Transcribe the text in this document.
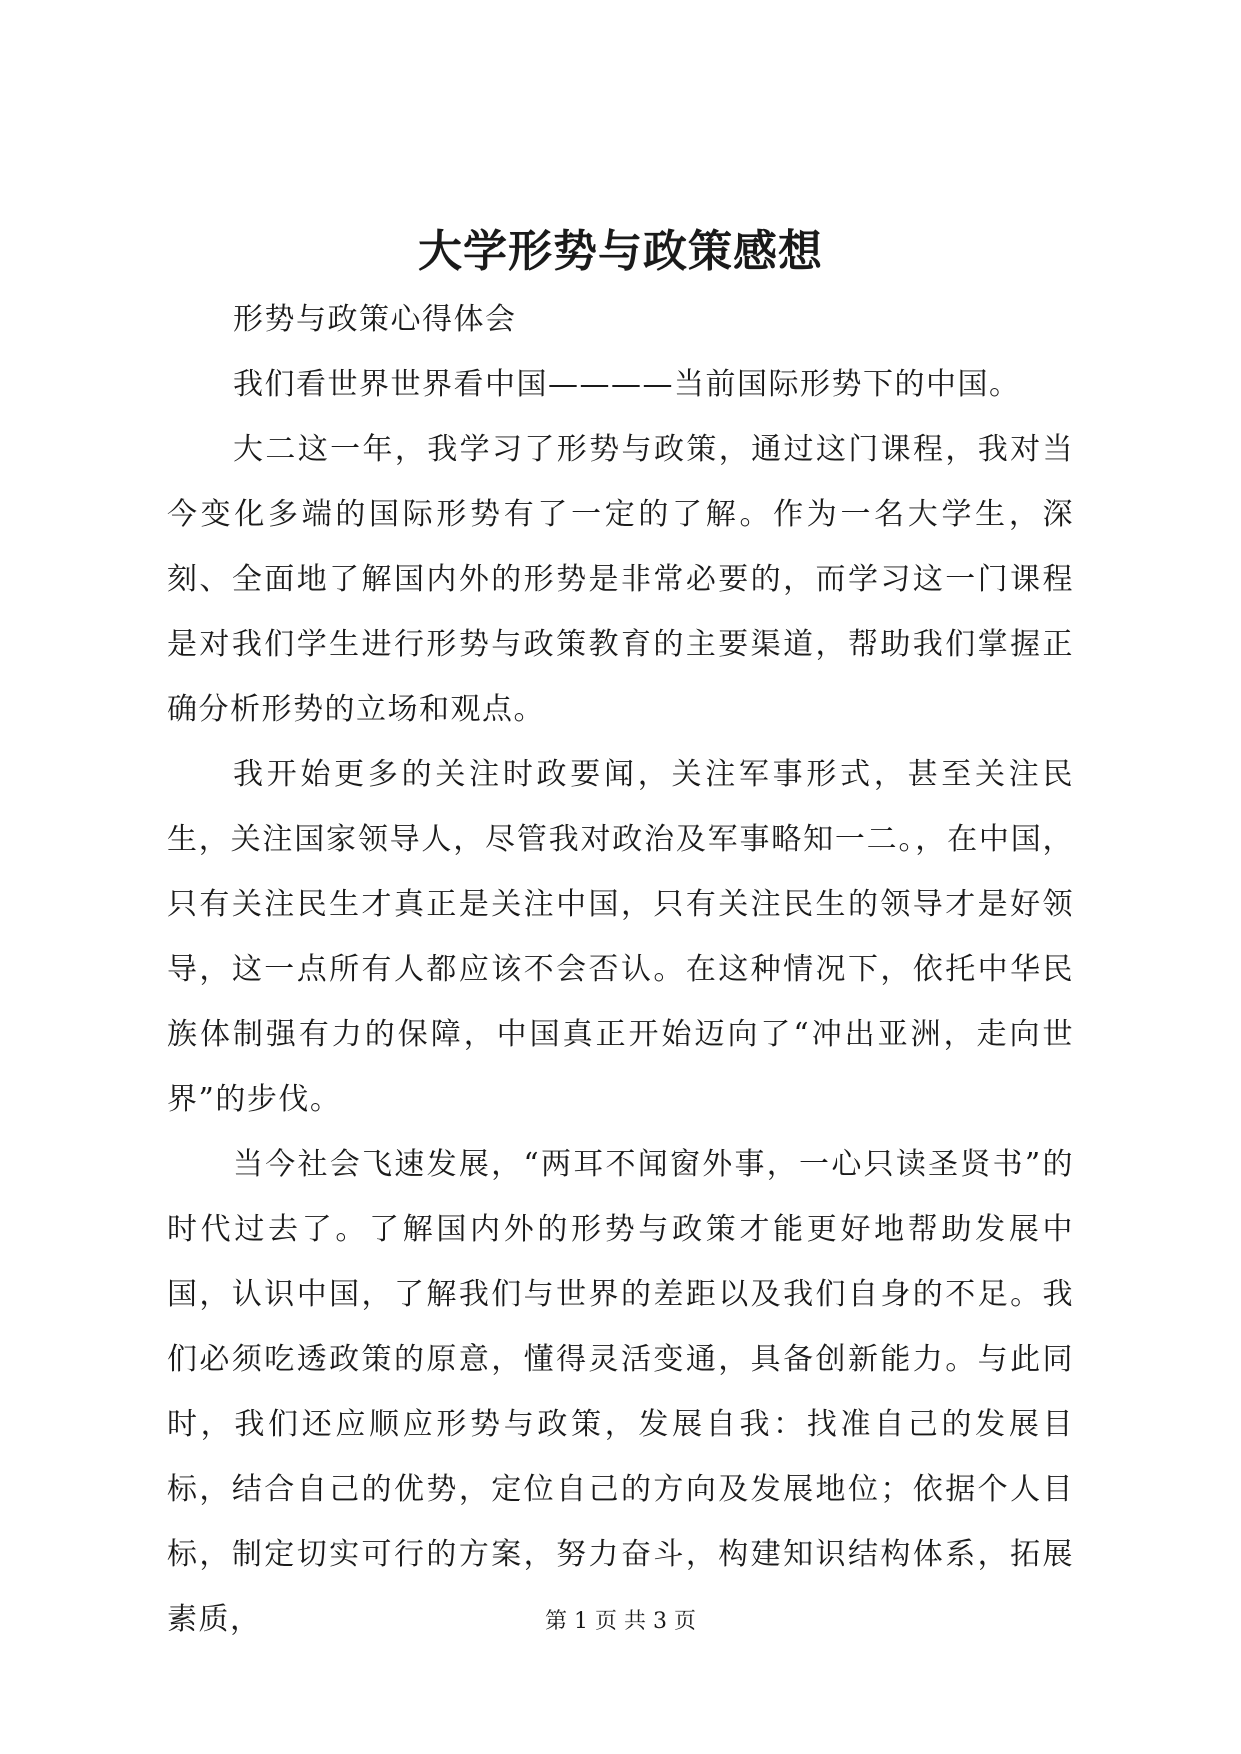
大学形势与政策感想

形势与政策心得体会

我们看世界世界看中国————当前国际形势下的中国。

大二这一年，我学习了形势与政策，通过这门课程，我对当今变化多端的国际形势有了一定的了解。作为一名大学生，深刻、全面地了解国内外的形势是非常必要的，而学习这一门课程是对我们学生进行形势与政策教育的主要渠道，帮助我们掌握正确分析形势的立场和观点。

我开始更多的关注时政要闻，关注军事形式，甚至关注民生，关注国家领导人，尽管我对政治及军事略知一二。，在中国，只有关注民生才真正是关注中国，只有关注民生的领导才是好领导，这一点所有人都应该不会否认。在这种情况下，依托中华民族体制强有力的保障，中国真正开始迈向了“冲出亚洲，走向世界”的步伐。

当今社会飞速发展，“两耳不闻窗外事，一心只读圣贤书”的时代过去了。了解国内外的形势与政策才能更好地帮助发展中国，认识中国，了解我们与世界的差距以及我们自身的不足。我们必须吃透政策的原意，懂得灵活变通，具备创新能力。与此同时，我们还应顺应形势与政策，发展自我：找准自己的发展目标，结合自己的优势，定位自己的方向及发展地位；依据个人目标，制定切实可行的方案，努力奋斗，构建知识结构体系，拓展素质，	第 1 页 共 3 页
